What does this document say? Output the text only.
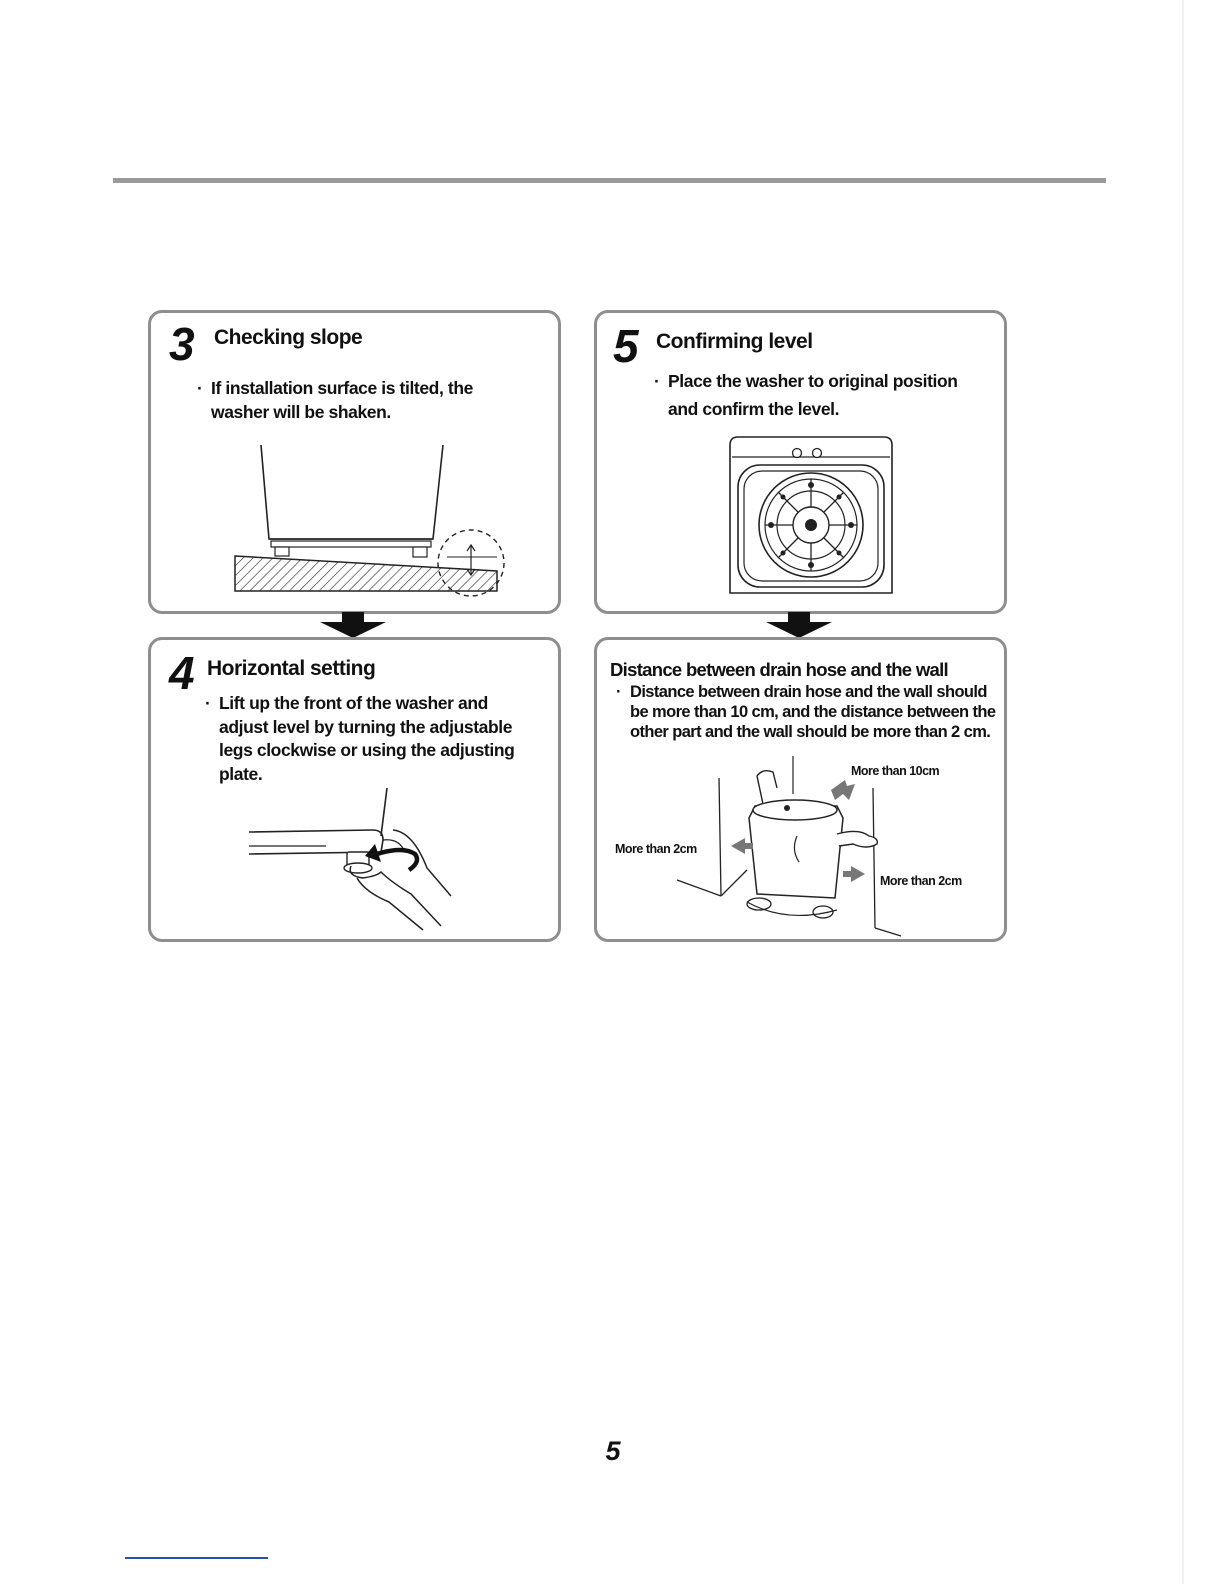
3 Checking slope
· If installation surface is tilted, the washer will be shaken.
5 Confirming level
· Place the washer to original position and confirm the level.
4 Horizontal setting
· Lift up the front of the washer and adjust level by turning the adjustable legs clockwise or using the adjusting plate.
Distance between drain hose and the wall
· Distance between drain hose and the wall should be more than 10 cm, and the distance between the other part and the wall should be more than 2 cm.
More than 10cm
More than 2cm
More than 2cm
5
